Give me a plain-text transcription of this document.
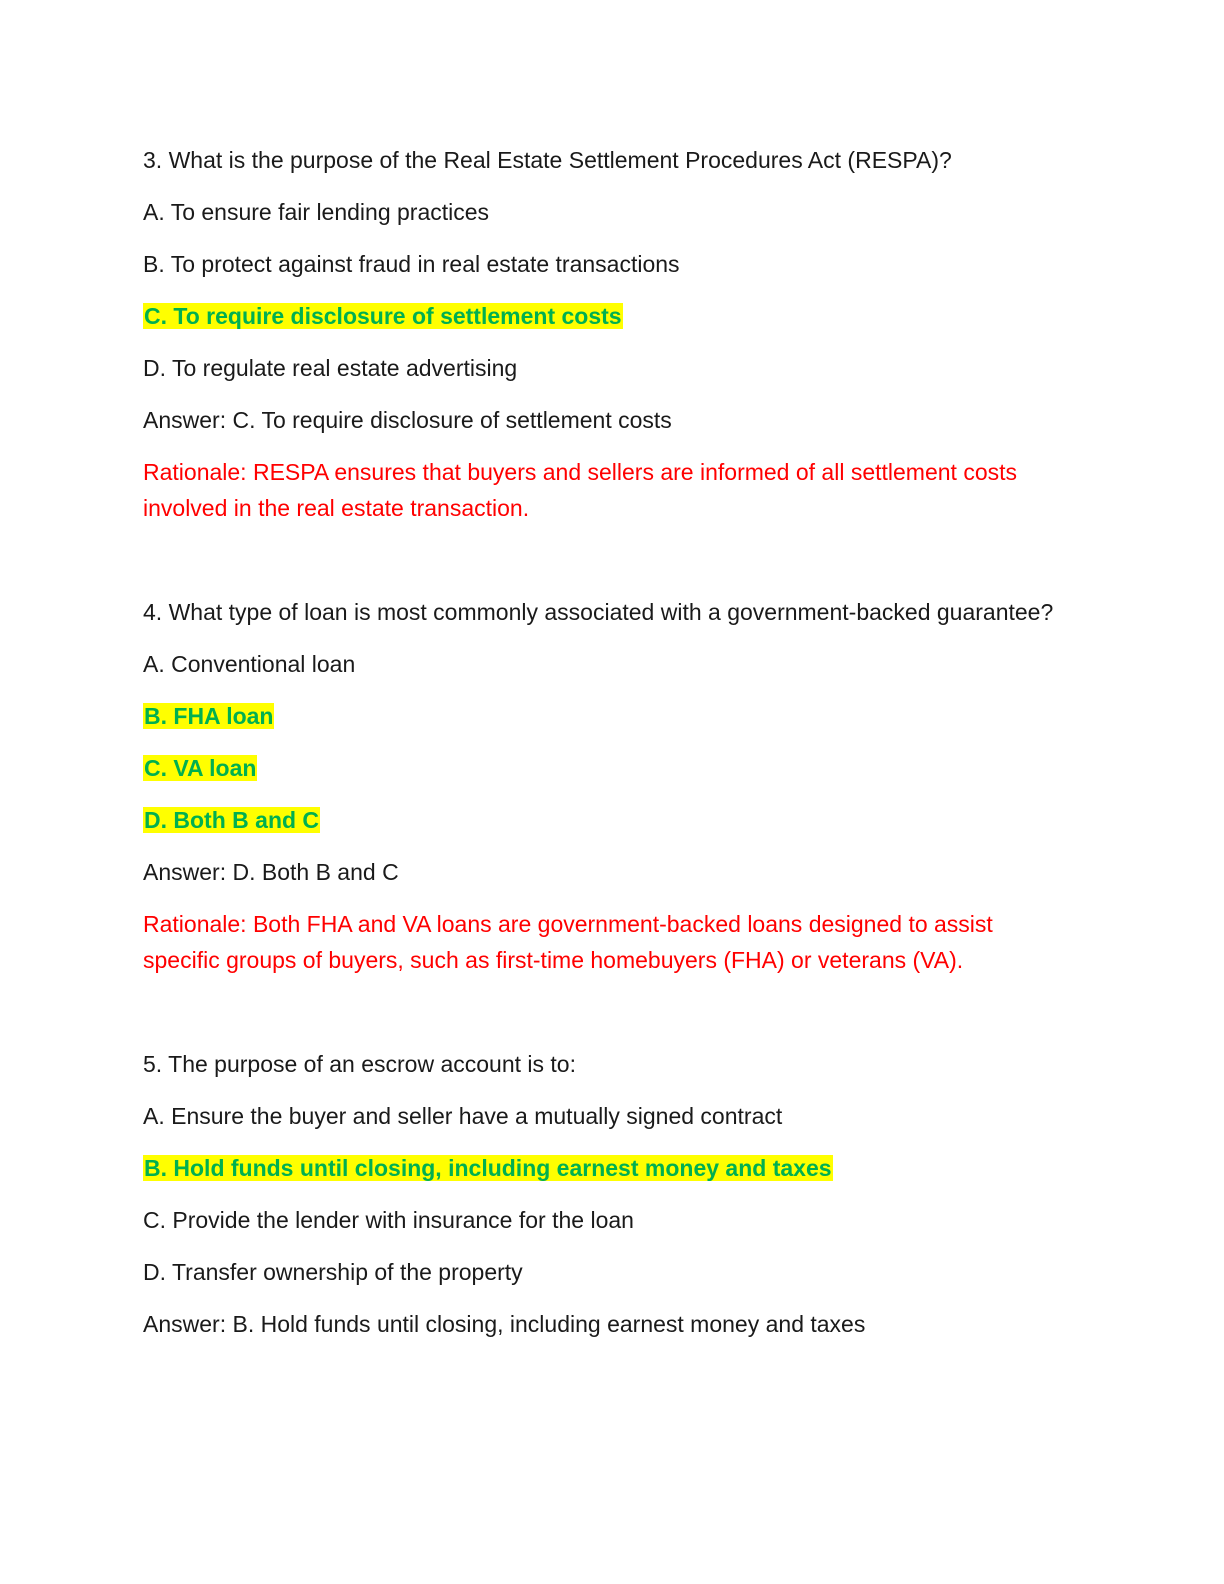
3. What is the purpose of the Real Estate Settlement Procedures Act (RESPA)?

A. To ensure fair lending practices

B. To protect against fraud in real estate transactions

C. To require disclosure of settlement costs

D. To regulate real estate advertising

Answer: C. To require disclosure of settlement costs

Rationale: RESPA ensures that buyers and sellers are informed of all settlement costs involved in the real estate transaction.

4. What type of loan is most commonly associated with a government-backed guarantee?

A. Conventional loan

B. FHA loan

C. VA loan

D. Both B and C

Answer: D. Both B and C

Rationale: Both FHA and VA loans are government-backed loans designed to assist specific groups of buyers, such as first-time homebuyers (FHA) or veterans (VA).

5. The purpose of an escrow account is to:

A. Ensure the buyer and seller have a mutually signed contract

B. Hold funds until closing, including earnest money and taxes

C. Provide the lender with insurance for the loan

D. Transfer ownership of the property

Answer: B. Hold funds until closing, including earnest money and taxes
